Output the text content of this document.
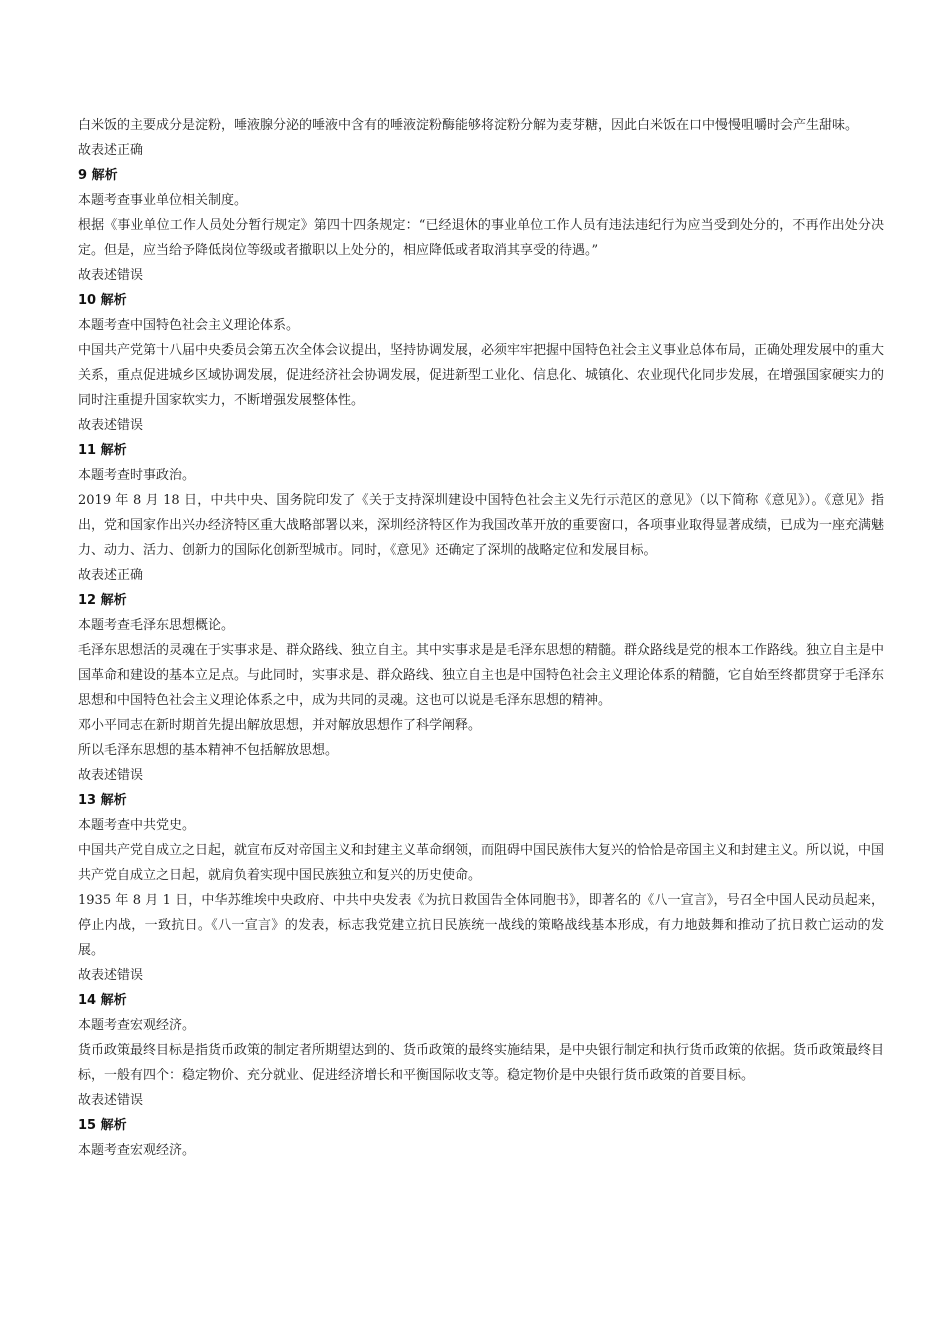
白米饭的主要成分是淀粉，唾液腺分泌的唾液中含有的唾液淀粉酶能够将淀粉分解为麦芽糖，因此白米饭在口中慢慢咀嚼时会产生甜味。

故表述正确

9 解析

本题考查事业单位相关制度。

根据《事业单位工作人员处分暂行规定》第四十四条规定：“已经退休的事业单位工作人员有违法违纪行为应当受到处分的，不再作出处分决定。但是，应当给予降低岗位等级或者撤职以上处分的，相应降低或者取消其享受的待遇。”

故表述错误

10 解析

本题考查中国特色社会主义理论体系。

中国共产党第十八届中央委员会第五次全体会议提出，坚持协调发展，必须牢牢把握中国特色社会主义事业总体布局，正确处理发展中的重大关系，重点促进城乡区域协调发展，促进经济社会协调发展，促进新型工业化、信息化、城镇化、农业现代化同步发展，在增强国家硬实力的同时注重提升国家软实力，不断增强发展整体性。

故表述错误

11 解析

本题考查时事政治。

2019 年 8 月 18 日，中共中央、国务院印发了《关于支持深圳建设中国特色社会主义先行示范区的意见》（以下简称《意见》）。《意见》指出，党和国家作出兴办经济特区重大战略部署以来，深圳经济特区作为我国改革开放的重要窗口，各项事业取得显著成绩，已成为一座充满魅力、动力、活力、创新力的国际化创新型城市。同时，《意见》还确定了深圳的战略定位和发展目标。

故表述正确

12 解析

本题考查毛泽东思想概论。

毛泽东思想活的灵魂在于实事求是、群众路线、独立自主。其中实事求是是毛泽东思想的精髓。群众路线是党的根本工作路线。独立自主是中国革命和建设的基本立足点。与此同时，实事求是、群众路线、独立自主也是中国特色社会主义理论体系的精髓，它自始至终都贯穿于毛泽东思想和中国特色社会主义理论体系之中，成为共同的灵魂。这也可以说是毛泽东思想的精神。

邓小平同志在新时期首先提出解放思想，并对解放思想作了科学阐释。

所以毛泽东思想的基本精神不包括解放思想。

故表述错误

13 解析

本题考查中共党史。

中国共产党自成立之日起，就宣布反对帝国主义和封建主义革命纲领，而阻碍中国民族伟大复兴的恰恰是帝国主义和封建主义。所以说，中国共产党自成立之日起，就肩负着实现中国民族独立和复兴的历史使命。

1935 年 8 月 1 日，中华苏维埃中央政府、中共中央发表《为抗日救国告全体同胞书》，即著名的《八一宣言》，号召全中国人民动员起来，停止内战，一致抗日。《八一宣言》的发表，标志我党建立抗日民族统一战线的策略战线基本形成，有力地鼓舞和推动了抗日救亡运动的发展。

故表述错误

14 解析

本题考查宏观经济。

货币政策最终目标是指货币政策的制定者所期望达到的、货币政策的最终实施结果，是中央银行制定和执行货币政策的依据。货币政策最终目标，一般有四个：稳定物价、充分就业、促进经济增长和平衡国际收支等。稳定物价是中央银行货币政策的首要目标。

故表述错误

15 解析

本题考查宏观经济。
